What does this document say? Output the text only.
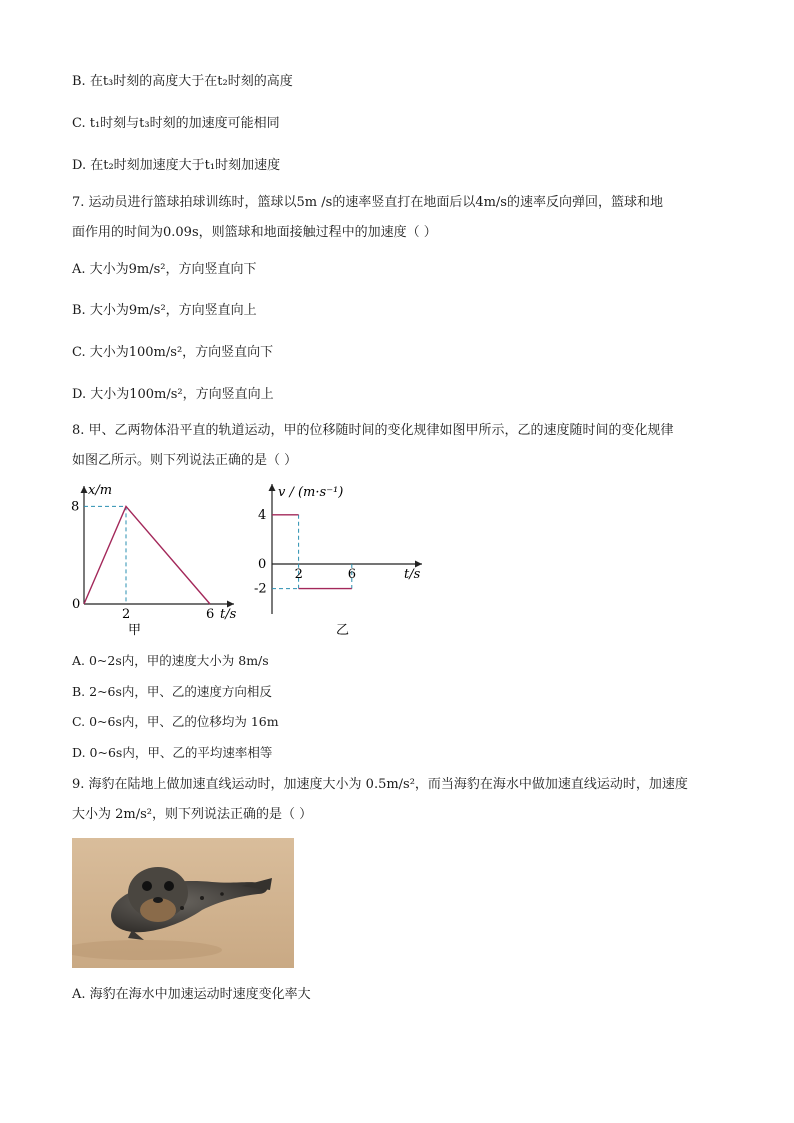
B. 在t₃时刻的高度大于在t₂时刻的高度
C. t₁时刻与t₃时刻的加速度可能相同
D. 在t₂时刻加速度大于t₁时刻加速度
7. 运动员进行篮球拍球训练时，篮球以5m /s的速率竖直打在地面后以4m/s的速率反向弹回，篮球和地
面作用的时间为0.09s，则篮球和地面接触过程中的加速度（ ）
A. 大小为9m/s²，方向竖直向下
B. 大小为9m/s²，方向竖直向上
C. 大小为100m/s²，方向竖直向下
D. 大小为100m/s²，方向竖直向上
8. 甲、乙两物体沿平直的轨道运动，甲的位移随时间的变化规律如图甲所示，乙的速度随时间的变化规律
如图乙所示。则下列说法正确的是（ ）
x/m
t/s
0
2	6
8
甲
v / (m·s⁻¹)
t/s
0
2	6
4
-2
乙
A. 0~2s内，甲的速度大小为 8m/s
B. 2~6s内，甲、乙的速度方向相反
C. 0~6s内，甲、乙的位移均为 16m
D. 0~6s内，甲、乙的平均速率相等
9. 海豹在陆地上做加速直线运动时，加速度大小为 0.5m/s²，而当海豹在海水中做加速直线运动时，加速度
大小为 2m/s²，则下列说法正确的是（ ）
A. 海豹在海水中加速运动时速度变化率大
